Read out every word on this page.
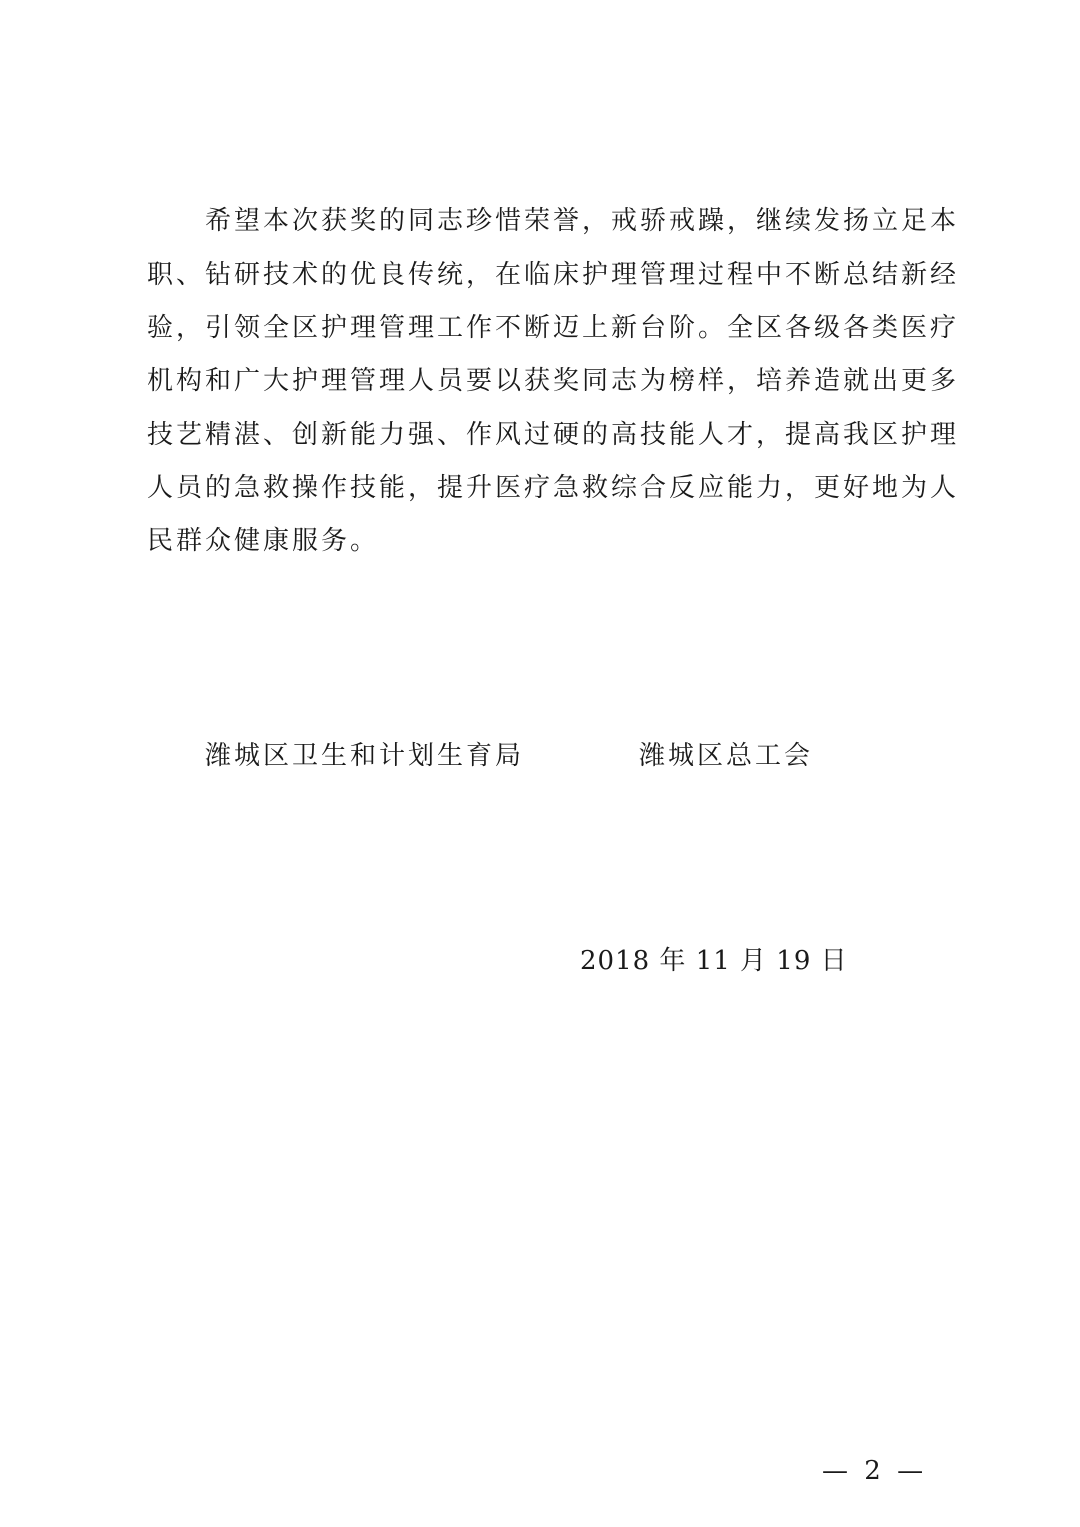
希望本次获奖的同志珍惜荣誉，戒骄戒躁，继续发扬立足本
职、钻研技术的优良传统，在临床护理管理过程中不断总结新经
验，引领全区护理管理工作不断迈上新台阶。全区各级各类医疗
机构和广大护理管理人员要以获奖同志为榜样，培养造就出更多
技艺精湛、创新能力强、作风过硬的高技能人才，提高我区护理
人员的急救操作技能，提升医疗急救综合反应能力，更好地为人
民群众健康服务。
潍城区卫生和计划生育局	潍城区总工会
2018 年 11 月 19 日
— 2 —
